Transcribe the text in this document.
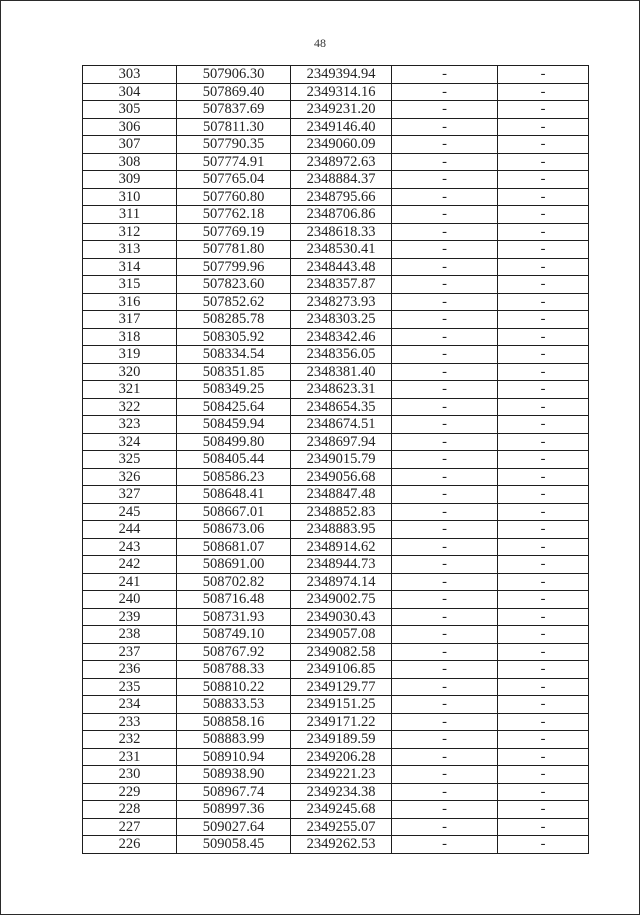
48
303	507906.30	2349394.94	-	-
304	507869.40	2349314.16	-	-
305	507837.69	2349231.20	-	-
306	507811.30	2349146.40	-	-
307	507790.35	2349060.09	-	-
308	507774.91	2348972.63	-	-
309	507765.04	2348884.37	-	-
310	507760.80	2348795.66	-	-
311	507762.18	2348706.86	-	-
312	507769.19	2348618.33	-	-
313	507781.80	2348530.41	-	-
314	507799.96	2348443.48	-	-
315	507823.60	2348357.87	-	-
316	507852.62	2348273.93	-	-
317	508285.78	2348303.25	-	-
318	508305.92	2348342.46	-	-
319	508334.54	2348356.05	-	-
320	508351.85	2348381.40	-	-
321	508349.25	2348623.31	-	-
322	508425.64	2348654.35	-	-
323	508459.94	2348674.51	-	-
324	508499.80	2348697.94	-	-
325	508405.44	2349015.79	-	-
326	508586.23	2349056.68	-	-
327	508648.41	2348847.48	-	-
245	508667.01	2348852.83	-	-
244	508673.06	2348883.95	-	-
243	508681.07	2348914.62	-	-
242	508691.00	2348944.73	-	-
241	508702.82	2348974.14	-	-
240	508716.48	2349002.75	-	-
239	508731.93	2349030.43	-	-
238	508749.10	2349057.08	-	-
237	508767.92	2349082.58	-	-
236	508788.33	2349106.85	-	-
235	508810.22	2349129.77	-	-
234	508833.53	2349151.25	-	-
233	508858.16	2349171.22	-	-
232	508883.99	2349189.59	-	-
231	508910.94	2349206.28	-	-
230	508938.90	2349221.23	-	-
229	508967.74	2349234.38	-	-
228	508997.36	2349245.68	-	-
227	509027.64	2349255.07	-	-
226	509058.45	2349262.53	-	-
